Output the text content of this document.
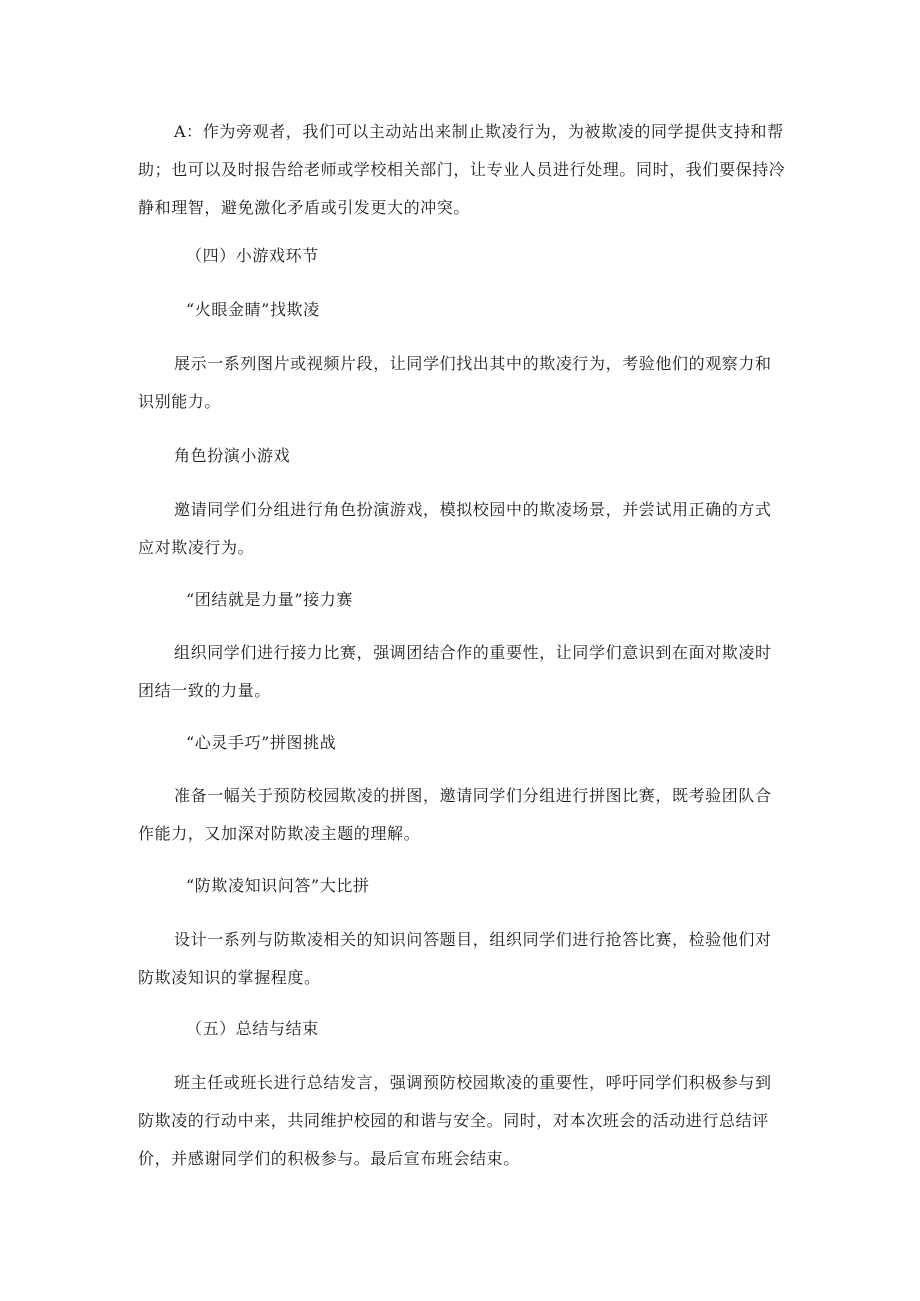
A：作为旁观者，我们可以主动站出来制止欺凌行为，为被欺凌的同学提供支持和帮助；也可以及时报告给老师或学校相关部门，让专业人员进行处理。同时，我们要保持冷静和理智，避免激化矛盾或引发更大的冲突。

（四）小游戏环节

“火眼金睛”找欺凌

展示一系列图片或视频片段，让同学们找出其中的欺凌行为，考验他们的观察力和识别能力。

角色扮演小游戏

邀请同学们分组进行角色扮演游戏，模拟校园中的欺凌场景，并尝试用正确的方式应对欺凌行为。

“团结就是力量”接力赛

组织同学们进行接力比赛，强调团结合作的重要性，让同学们意识到在面对欺凌时团结一致的力量。

“心灵手巧”拼图挑战

准备一幅关于预防校园欺凌的拼图，邀请同学们分组进行拼图比赛，既考验团队合作能力，又加深对防欺凌主题的理解。

“防欺凌知识问答”大比拼

设计一系列与防欺凌相关的知识问答题目，组织同学们进行抢答比赛，检验他们对防欺凌知识的掌握程度。

（五）总结与结束

班主任或班长进行总结发言，强调预防校园欺凌的重要性，呼吁同学们积极参与到防欺凌的行动中来，共同维护校园的和谐与安全。同时，对本次班会的活动进行总结评价，并感谢同学们的积极参与。最后宣布班会结束。
